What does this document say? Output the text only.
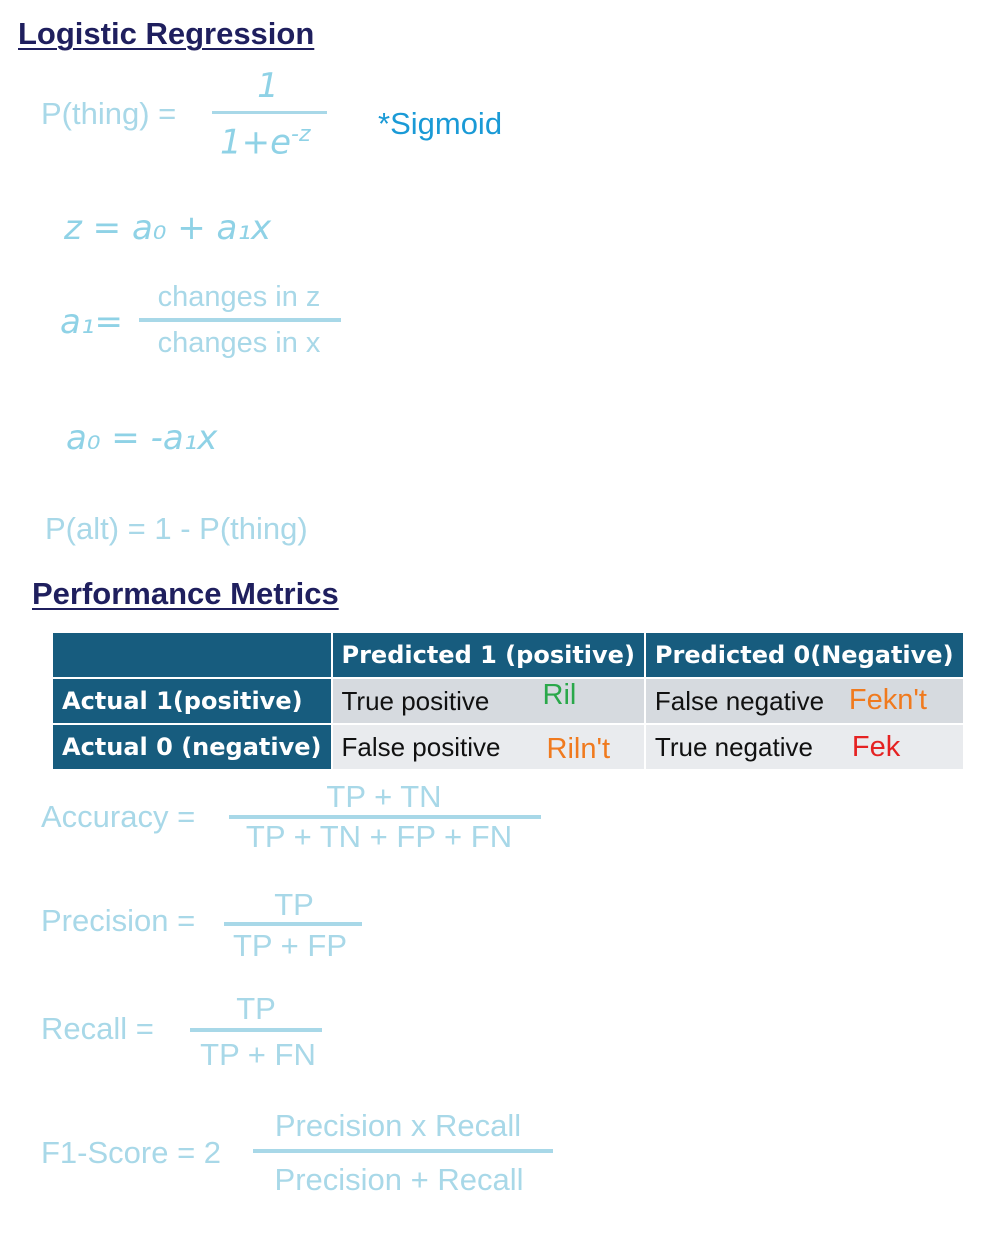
Logistic Regression
P(thing) =
1
$1+e^{-z}$ *Sigmoid
z = a₀ + a₁x
a₁=
changes in z
changes in x
a₀ = -a₁x
P(alt) = 1 - P(thing)
Performance Metrics
	Predicted 1 (positive)	Predicted 0(Negative)
Actual 1(positive)	True positive Ril	False negative Fekn't

Actual 0 (negative)	False positive Riln't	True negative Fek
Accuracy =
TP + TN
TP + TN + FP + FN
Precision =	TP
TP + FP
Recall =
TP
TP + FN
F1-Score = 2
Precision x Recall
Precision + Recall
